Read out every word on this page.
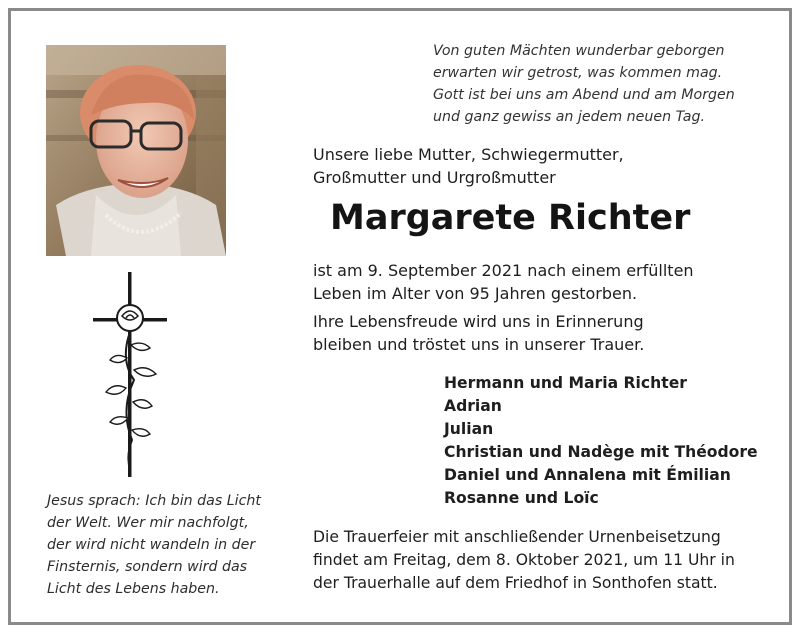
Von guten Mächten wunderbar geborgen
erwarten wir getrost, was kommen mag.
Gott ist bei uns am Abend und am Morgen
und ganz gewiss an jedem neuen Tag.
Unsere liebe Mutter, Schwiegermutter,
Großmutter und Urgroßmutter
Margarete Richter
ist am 9. September 2021 nach einem erfüllten
Leben im Alter von 95 Jahren gestorben.
Ihre Lebensfreude wird uns in Erinnerung
bleiben und tröstet uns in unserer Trauer.
Hermann und Maria Richter
Adrian
Julian
Christian und Nadège mit Théodore
Daniel und Annalena mit Émilian
Rosanne und Loïc
Jesus sprach: Ich bin das Licht
der Welt. Wer mir nachfolgt,
der wird nicht wandeln in der
Finsternis, sondern wird das
Licht des Lebens haben.
Die Trauerfeier mit anschließender Urnenbeisetzung
findet am Freitag, dem 8. Oktober 2021, um 11 Uhr in
der Trauerhalle auf dem Friedhof in Sonthofen statt.
